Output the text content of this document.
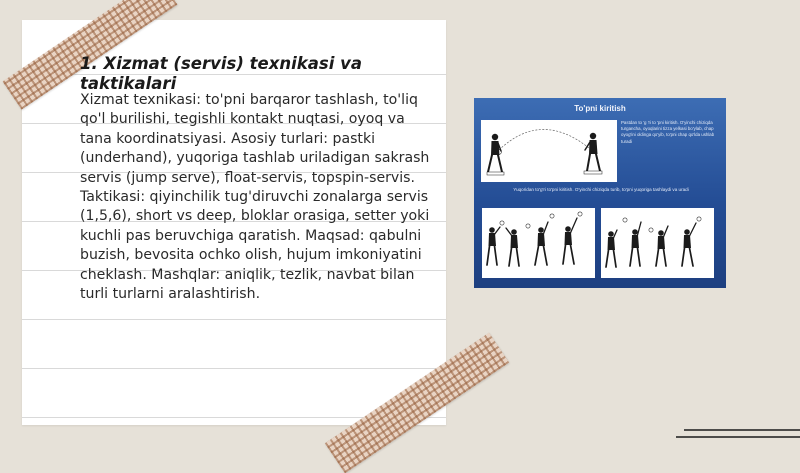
1. Xizmat (servis) texnikasi va taktikalari

Xizmat texnikasi: to'pni barqaror tashlash, to'liq qo'l burilishi, tegishli kontakt nuqtasi, oyoq va tana koordinatsiyasi. Asosiy turlari: pastki (underhand), yuqoriga tashlab uriladigan sakrash servis (jump serve), float-servis, topspin-servis. Taktikasi: qiyinchilik tug'diruvchi zonalarga servis (1,5,6), short vs deep, bloklar orasiga, setter yoki kuchli pas beruvchiga qaratish. Maqsad: qabulni buzish, bevosita ochko olish, hujum imkoniyatini cheklash. Mashqlar: aniqlik, tezlik, navbat bilan turli turlarni aralashtirish.

To'pni kiritish
Pastdan to 'g 'ri to 'pni kiritish. O'yinchi chiziqda turgancha, oyoqlarini tizza yelkasi bo'ylab, chap oyog'ini oldinga qo'yib, to'pni chap qo'lda ushlab turadi
Yuqoridan to'g'ri to'pni kiritish. O'yinchi chiziqda turib, to'pni yuqoriga tashlaydi va uradi
